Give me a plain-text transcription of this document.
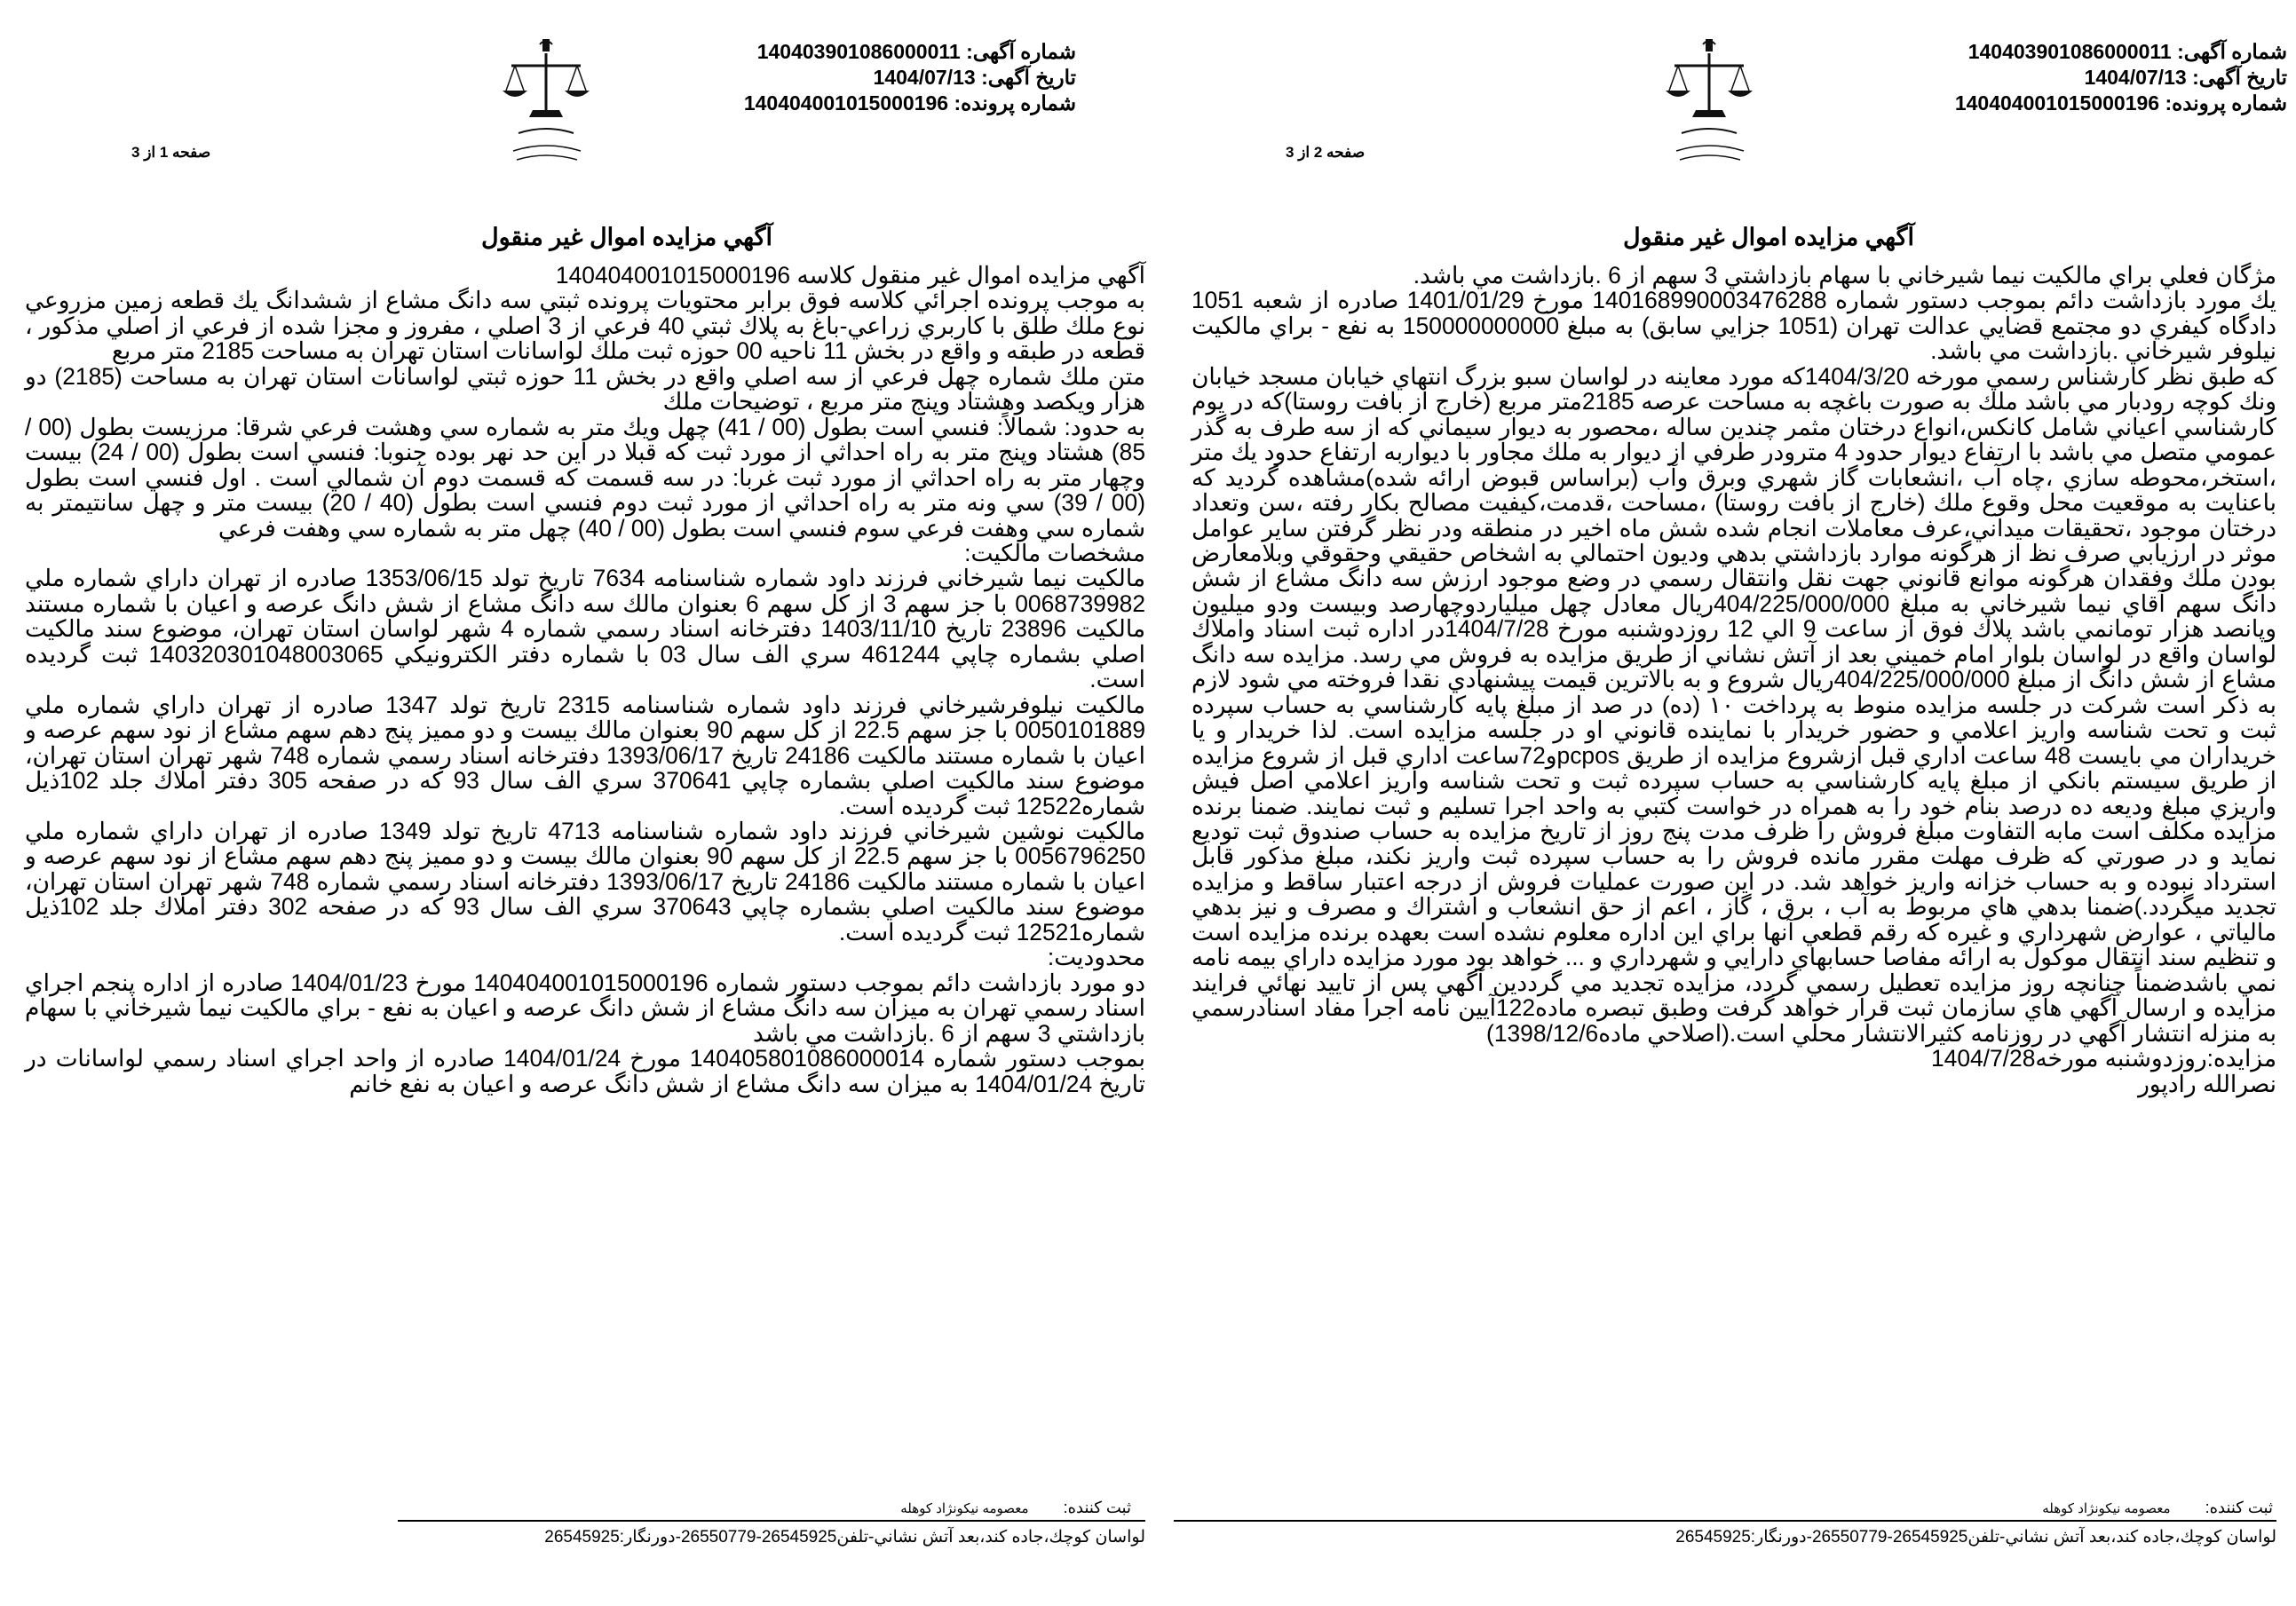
شماره آگهی: 140403901086000011
تاریخ آگهی: 1404/07/13
شماره پرونده: 140404001015000196
صفحه 2 از 3
آگهي مزايده اموال غير منقول

مژگان فعلي براي مالكيت نيما شيرخاني با سهام بازداشتي 3 سهم از 6 .بازداشت مي باشد.

يك مورد بازداشت دائم بموجب دستور شماره 140168990003476288 مورخ 1401/01/29 صادره از شعبه 1051 دادگاه كيفري دو مجتمع قضايي عدالت تهران (1051 جزايي سابق) به مبلغ 150000000000 به نفع - براي مالكيت نيلوفر شيرخاني .بازداشت مي باشد.

كه طبق نظر كارشناس رسمي مورخه 1404/3/20كه مورد معاينه در لواسان سبو بزرگ انتهاي خيابان مسجد خيابان ونك كوچه رودبار مي باشد ملك به صورت باغچه به مساحت عرصه 2185متر مربع (خارج از بافت روستا)كه در يوم كارشناسي اعياني شامل كانكس،انواع درختان مثمر چندين ساله ،محصور به ديوار سيماني كه از سه طرف به گذر عمومي متصل مي باشد با ارتفاع ديوار حدود 4 مترودر طرفي از ديوار به ملك مجاور با ديواربه ارتفاع حدود يك متر ،استخر،محوطه سازي ،چاه آب ،انشعابات گاز شهري وبرق وآب (براساس قبوض ارائه شده)مشاهده گرديد كه باعنايت به موقعيت محل وقوع ملك (خارج از بافت روستا) ،مساحت ،قدمت،كيفيت مصالح بكار رفته ،سن وتعداد درختان موجود ،تحقيقات ميداني،عرف معاملات انجام شده شش ماه اخير در منطقه ودر نظر گرفتن ساير عوامل موثر در ارزيابي صرف نظ از هرگونه موارد بازداشتي بدهي وديون احتمالي به اشخاص حقيقي وحقوقي وبلامعارض بودن ملك وفقدان هرگونه موانع قانوني جهت نقل وانتقال رسمي در وضع موجود ارزش سه دانگ مشاع از شش دانگ سهم آقاي نيما شيرخاني به مبلغ 404/225/000/000ريال معادل چهل ميلياردوچهارصد وبيست ودو ميليون وپانصد هزار تومانمي باشد پلاك فوق از ساعت 9 الي 12 روزدوشنبه مورخ 1404/7/28در اداره ثبت اسناد واملاك لواسان واقع در لواسان بلوار امام خميني بعد از آتش نشاني از طريق مزايده به فروش مي رسد. مزايده سه دانگ مشاع از شش دانگ از مبلغ 404/225/000/000ريال شروع و به بالاترين قيمت پيشنهادي نقدا فروخته مي شود لازم به ذكر است شركت در جلسه مزايده منوط به پرداخت ۱۰ (ده) در صد از مبلغ پايه كارشناسي به حساب سپرده ثبت و تحت شناسه واريز اعلامي و حضور خريدار با نماينده قانوني او در جلسه مزايده است. لذا خريدار و يا خريداران مي بايست 48 ساعت اداري قبل ازشروع مزايده از طريق pcposو72ساعت اداري قبل از شروع مزايده از طريق سيستم بانكي از مبلغ پايه كارشناسي به حساب سپرده ثبت و تحت شناسه واريز اعلامي اصل فيش واريزي مبلغ وديعه ده درصد بنام خود را به همراه در خواست كتبي به واحد اجرا تسليم و ثبت نمايند. ضمنا برنده مزايده مكلف است مابه التفاوت مبلغ فروش را ظرف مدت پنج روز از تاريخ مزايده به حساب صندوق ثبت توديع نمايد و در صورتي كه ظرف مهلت مقرر مانده فروش را به حساب سپرده ثبت واريز نكند، مبلغ مذكور قابل استرداد نبوده و به حساب خزانه واريز خواهد شد. در اين صورت عمليات فروش از درجه اعتبار ساقط و مزايده تجديد ميگردد.)ضمنا بدهي هاي مربوط به آب ، برق ، گاز ، اعم از حق انشعاب و اشتراك و مصرف و نيز بدهي مالياتي ، عوارض شهرداري و غيره كه رقم قطعي آنها براي اين اداره معلوم نشده است بعهده برنده مزايده است و تنظيم سند انتقال موكول به ارائه مفاصا حسابهاي دارايي و شهرداري و ... خواهد بود مورد مزايده داراي بيمه نامه نمي باشدضمناً چنانچه روز مزايده تعطيل رسمي گردد، مزايده تجديد مي گرددين آگهي پس از تاييد نهائي فرايند مزايده و ارسال آگهي هاي سازمان ثبت قرار خواهد گرفت وطبق تبصره ماده122آيين نامه اجرا مفاد اسنادرسمي به منزله انتشار آگهي در روزنامه كثيرالانتشار محلي است.(اصلاحي ماده1398/12/6)

مزايده:روزدوشنبه مورخه1404/7/28

نصرالله رادپور

ثبت كننده: معصومه نيكونژاد كوهله
لواسان كوچك،جاده كند،بعد آتش نشاني-تلفن26545925-26550779-دورنگار:26545925
شماره آگهی: 140403901086000011
تاریخ آگهی: 1404/07/13
شماره پرونده: 140404001015000196
صفحه 1 از 3
آگهي مزايده اموال غير منقول

آگهي مزايده اموال غير منقول كلاسه 140404001015000196

به موجب پرونده اجرائي كلاسه فوق برابر محتويات پرونده ثبتي سه دانگ مشاع از ششدانگ يك قطعه زمين مزروعي نوع ملك طلق با كاربري زراعي-باغ به پلاك ثبتي 40 فرعي از 3 اصلي ، مفروز و مجزا شده از فرعي از اصلي مذكور ، قطعه در طبقه و واقع در بخش 11 ناحيه 00 حوزه ثبت ملك لواسانات استان تهران به مساحت 2185 متر مربع

متن ملك شماره چهل فرعي از سه اصلي واقع در بخش 11 حوزه ثبتي لواسانات استان تهران به مساحت (2185) دو هزار ويكصد وهشتاد وپنج متر مربع ، توضيحات ملك

به حدود: شمالاً: فنسي است بطول (00 / 41) چهل ويك متر به شماره سي وهشت فرعي شرقا: مرزيست بطول (00 / 85) هشتاد وپنج متر به راه احداثي از مورد ثبت كه قبلا در اين حد نهر بوده جنوبا: فنسي است بطول (00 / 24) بيست وچهار متر به راه احداثي از مورد ثبت غربا: در سه قسمت كه قسمت دوم آن شمالي است . اول فنسي است بطول (00 / 39) سي ونه متر به راه احداثي از مورد ثبت دوم فنسي است بطول (40 / 20) بيست متر و چهل سانتيمتر به شماره سي وهفت فرعي سوم فنسي است بطول (00 / 40) چهل متر به شماره سي وهفت فرعي

مشخصات مالكيت:

مالكيت نيما شيرخاني فرزند داود شماره شناسنامه 7634 تاريخ تولد 1353/06/15 صادره از تهران داراي شماره ملي 0068739982 با جز سهم 3 از كل سهم 6 بعنوان مالك سه دانگ مشاع از شش دانگ عرصه و اعيان با شماره مستند مالكيت 23896 تاريخ 1403/11/10 دفترخانه اسناد رسمي شماره 4 شهر لواسان استان تهران، موضوع سند مالكيت اصلي بشماره چاپي 461244 سري الف سال 03 با شماره دفتر الكترونيكي 140320301048003065 ثبت گرديده است.

مالكيت نيلوفرشيرخاني فرزند داود شماره شناسنامه 2315 تاريخ تولد 1347 صادره از تهران داراي شماره ملي 0050101889 با جز سهم 22.5 از كل سهم 90 بعنوان مالك بيست و دو مميز پنج دهم سهم مشاع از نود سهم عرصه و اعيان با شماره مستند مالكيت 24186 تاريخ 1393/06/17 دفترخانه اسناد رسمي شماره 748 شهر تهران استان تهران، موضوع سند مالكيت اصلي بشماره چاپي 370641 سري الف سال 93 كه در صفحه 305 دفتر املاك جلد 102ذيل شماره12522 ثبت گرديده است.

مالكيت نوشين شيرخاني فرزند داود شماره شناسنامه 4713 تاريخ تولد 1349 صادره از تهران داراي شماره ملي 0056796250 با جز سهم 22.5 از كل سهم 90 بعنوان مالك بيست و دو مميز پنج دهم سهم مشاع از نود سهم عرصه و اعيان با شماره مستند مالكيت 24186 تاريخ 1393/06/17 دفترخانه اسناد رسمي شماره 748 شهر تهران استان تهران، موضوع سند مالكيت اصلي بشماره چاپي 370643 سري الف سال 93 كه در صفحه 302 دفتر املاك جلد 102ذيل شماره12521 ثبت گرديده است.

محدوديت:

دو مورد بازداشت دائم بموجب دستور شماره 140404001015000196 مورخ 1404/01/23 صادره از اداره پنجم اجراي اسناد رسمي تهران به ميزان سه دانگ مشاع از شش دانگ عرصه و اعيان به نفع - براي مالكيت نيما شيرخاني با سهام بازداشتي 3 سهم از 6 .بازداشت مي باشد

بموجب دستور شماره 140405801086000014 مورخ 1404/01/24 صادره از واحد اجراي اسناد رسمي لواسانات در تاريخ 1404/01/24 به ميزان سه دانگ مشاع از شش دانگ عرصه و اعيان به نفع خانم

ثبت كننده: معصومه نيكونژاد كوهله
لواسان كوچك،جاده كند،بعد آتش نشاني-تلفن26545925-26550779-دورنگار:26545925
